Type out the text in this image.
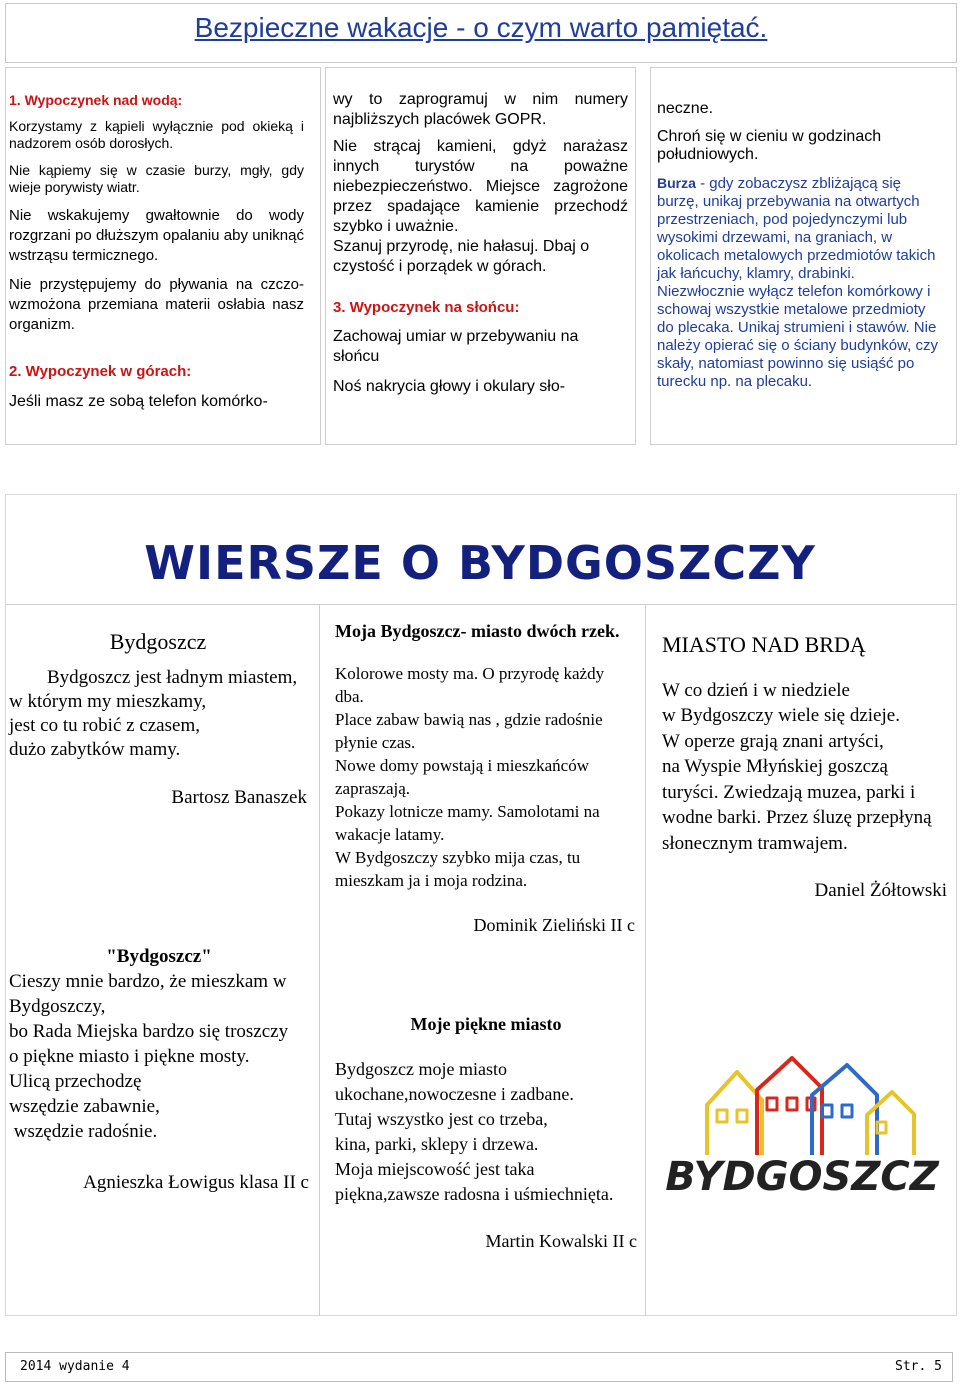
Bezpieczne wakacje - o czym warto pamiętać.

1. Wypoczynek nad wodą:

Korzystamy z kąpieli wyłącznie pod okieką i nadzorem osób dorosłych.

Nie kąpiemy się w czasie burzy, mgły, gdy wieje porywisty wiatr.

Nie wskakujemy gwałtownie do wody rozgrzani po dłuższym opalaniu aby uniknąć wstrząsu termicznego.

Nie przystępujemy do pływania na czczo-wzmożona przemiana materii osłabia nasz organizm.

2. Wypoczynek w górach:

Jeśli masz ze sobą telefon komórko-

wy to zaprogramuj w nim numery najbliższych placówek GOPR.

Nie strącaj kamieni, gdyż narażasz innych turystów na poważne niebezpieczeństwo. Miejsce zagrożone przez spadające kamienie przechodź szybko i uważnie.

Szanuj przyrodę, nie hałasuj. Dbaj o czystość i porządek w górach.

3. Wypoczynek na słońcu:

Zachowaj umiar w przebywaniu na słońcu

Noś nakrycia głowy i okulary sło-

neczne.

Chroń się w cieniu w godzinach południowych.

Burza - gdy zobaczysz zbliżającą się burzę, unikaj przebywania na otwartych przestrzeniach, pod pojedynczymi lub wysokimi drzewami, na graniach, w okolicach metalowych przedmiotów takich jak łańcuchy, klamry, drabinki. Niezwłocznie wyłącz telefon komórkowy i schowaj wszystkie metalowe przedmioty do plecaka. Unikaj strumieni i stawów. Nie należy opierać się o ściany budynków, czy skały, natomiast powinno się usiąść po turecku np. na plecaku.

WIERSZE O BYDGOSZCZY

Bydgoszcz

Bydgoszcz jest ładnym miastem,

w którym my mieszkamy,

jest co tu robić z czasem,

dużo zabytków mamy.

Bartosz Banaszek

Moja Bydgoszcz- miasto dwóch rzek.

Kolorowe mosty ma. O przyrodę każdy dba.

Place zabaw bawią nas , gdzie radośnie płynie czas.

Nowe domy powstają i mieszkańców zapraszają.

Pokazy lotnicze mamy. Samolotami na wakacje latamy.

W Bydgoszczy szybko mija czas, tu mieszkam ja i moja rodzina.

Dominik Zieliński II c

MIASTO NAD BRDĄ

W co dzień i w niedziele

w Bydgoszczy wiele się dzieje.

W operze grają znani artyści,

na Wyspie Młyńskiej goszczą

turyści. Zwiedzają muzea, parki i wodne barki. Przez śluzę przepłyną słonecznym tramwajem.

Daniel Żółtowski

"Bydgoszcz"

Cieszy mnie bardzo, że mieszkam w Bydgoszczy,

bo Rada Miejska bardzo się troszczy

o piękne miasto i piękne mosty.

Ulicą przechodzę

wszędzie zabawnie,

wszędzie radośnie.

Agnieszka Łowigus klasa II c

Moje piękne miasto

Bydgoszcz moje miasto ukochane,nowoczesne i zadbane.

Tutaj wszystko jest co trzeba,

kina, parki, sklepy i drzewa.

Moja miejscowość jest taka piękna,zawsze radosna i uśmiechnięta.

Martin Kowalski II c

BYDGOSZCZ
2014 wydanie 4	Str. 5
